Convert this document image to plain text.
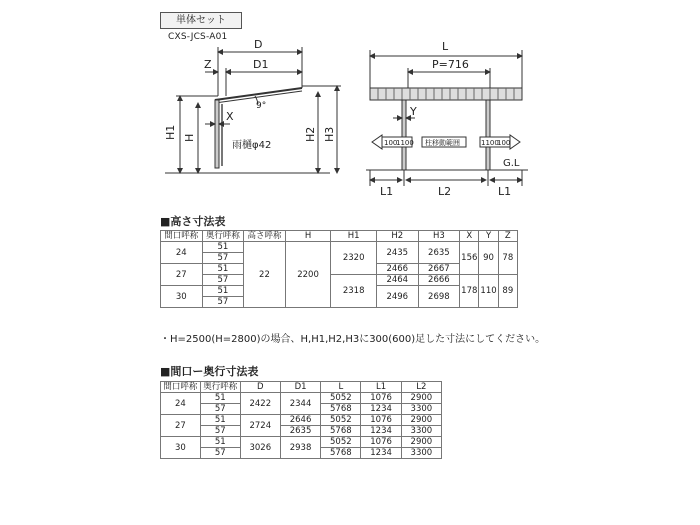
単体セット
CXS-JCS-A01
D
D1
Z
X
9°
雨樋φ42
H1 H	H2 H3
L
P=716
Y
G.L
L1	L2	L1
柱移動範囲
100
1100	1100
100
■高さ寸法表
間口呼称	奥行呼称	高さ呼称	H	H1	H2	H3	X	Y	Z
24	51	22	2200	2320	2435	2635	156	90	78
	57								
27	51				2466	2667			
	57			2318	2464	2666	178	110	89
30	51				2496	2698			
	57								
・H=2500(H=2800)の場合、H,H1,H2,H3に300(600)足した寸法にしてください。
■間口ー奥行寸法表
間口呼称	奥行呼称	D	D1	L	L1	L2
24	51	2422	2344	5052	1076	2900
	57			5768	1234	3300
27	51	2724	2646	5052	1076	2900
	57		2635	5768	1234	3300
30	51	3026	2938	5052	1076	2900
	57			5768	1234	3300
